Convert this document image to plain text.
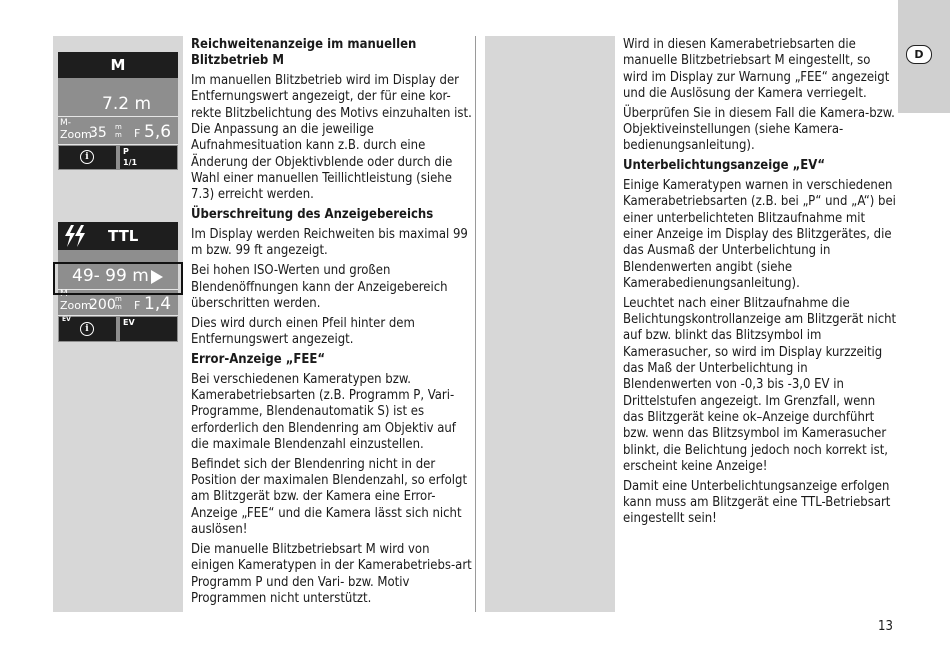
D
M
7.2 m
M-
Zoom
35 m
m F 5,6
i
P
1/1
TTL
49- 99 m
M-
Zoom
200 m
m F 1,4
EV
i
EV

Reichweitenanzeige im manuellen Blitzbetrieb M

Im manuellen Blitzbetrieb wird im Display der Entfernungswert angezeigt, der für eine kor-rekte Blitzbelichtung des Motivs einzuhalten ist. Die Anpassung an die jeweilige Aufnahmesituation kann z.B. durch eine Änderung der Objektivblende oder durch die Wahl einer manuellen Teillichtleistung (siehe 7.3) erreicht werden.

Überschreitung des Anzeigebereichs

Im Display werden Reichweiten bis maximal 99 m bzw. 99 ft angezeigt.

Bei hohen ISO-Werten und großen Blendenöffnungen kann der Anzeigebereich überschritten werden.

Dies wird durch einen Pfeil hinter dem Entfernungswert angezeigt.

Error-Anzeige „FEE“

Bei verschiedenen Kameratypen bzw. Kamerabetriebsarten (z.B. Programm P, Vari-Programme, Blendenautomatik S) ist es erforderlich den Blendenring am Objektiv auf die maximale Blendenzahl einzustellen.

Befindet sich der Blendenring nicht in der Position der maximalen Blendenzahl, so erfolgt am Blitzgerät bzw. der Kamera eine Error-Anzeige „FEE“ und die Kamera lässt sich nicht auslösen!

Die manuelle Blitzbetriebsart M wird von einigen Kameratypen in der Kamerabetriebs-art Programm P und den Vari- bzw. Motiv Programmen nicht unterstützt.

Wird in diesen Kamerabetriebsarten die manuelle Blitzbetriebsart M eingestellt, so wird im Display zur Warnung „FEE“ angezeigt und die Auslösung der Kamera verriegelt.

Überprüfen Sie in diesem Fall die Kamera-bzw. Objektiveinstellungen (siehe Kamera-bedienungsanleitung).

Unterbelichtungsanzeige „EV“

Einige Kameratypen warnen in verschiedenen Kamerabetriebsarten (z.B. bei „P“ und „A“) bei einer unterbelichteten Blitzaufnahme mit einer Anzeige im Display des Blitzgerätes, die das Ausmaß der Unterbelichtung in Blendenwerten angibt (siehe Kamerabedienungsanleitung).

Leuchtet nach einer Blitzaufnahme die Belichtungskontrollanzeige am Blitzgerät nicht auf bzw. blinkt das Blitzsymbol im Kamerasucher, so wird im Display kurzzeitig das Maß der Unterbelichtung in Blendenwerten von -0,3 bis -3,0 EV in Drittelstufen angezeigt. Im Grenzfall, wenn das Blitzgerät keine ok–Anzeige durchführt bzw. wenn das Blitzsymbol im Kamerasucher blinkt, die Belichtung jedoch noch korrekt ist, erscheint keine Anzeige!

Damit eine Unterbelichtungsanzeige erfolgen kann muss am Blitzgerät eine TTL-Betriebsart eingestellt sein!

13
